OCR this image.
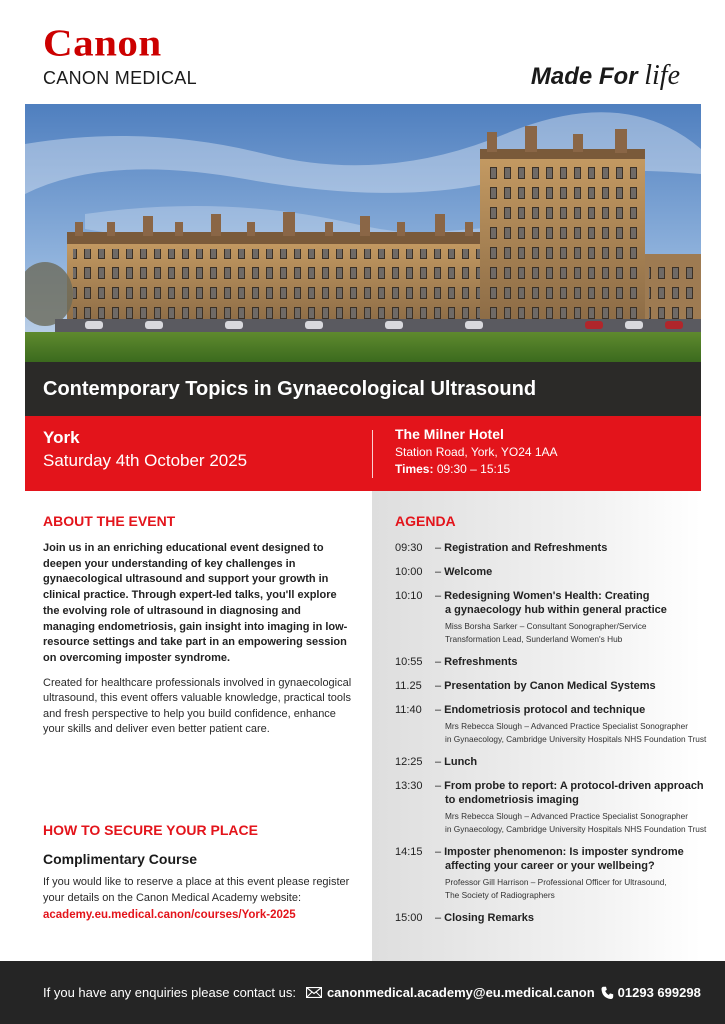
Canon
CANON MEDICAL	Made For life
Contemporary Topics in Gynaecological Ultrasound
York
Saturday 4th October 2025
The Milner Hotel
Station Road, York, YO24 1AA
Times: 09:30 – 15:15
ABOUT THE EVENT

Join us in an enriching educational event designed to deepen your understanding of key challenges in gynaecological ultrasound and support your growth in clinical practice. Through expert-led talks, you'll explore the evolving role of ultrasound in diagnosing and managing endometriosis, gain insight into imaging in low-resource settings and take part in an empowering session on overcoming imposter syndrome.

Created for healthcare professionals involved in gynaecological ultrasound, this event offers valuable knowledge, practical tools and fresh perspective to help you build confidence, enhance your skills and deliver even better patient care.

HOW TO SECURE YOUR PLACE
Complimentary Course

If you would like to reserve a place at this event please register your details on the Canon Medical Academy website:

academy.eu.medical.canon/courses/York-2025
AGENDA
09:30	– Registration and Refreshments
10:00	– Welcome
10:10	– Redesigning Women's Health: Creating
a gynaecology hub within general practice
Miss Borsha Sarker – Consultant Sonographer/Service
Transformation Lead, Sunderland Women's Hub
10:55	– Refreshments
11.25	– Presentation by Canon Medical Systems
11:40	– Endometriosis protocol and technique
Mrs Rebecca Slough – Advanced Practice Specialist Sonographer
in Gynaecology, Cambridge University Hospitals NHS Foundation Trust
12:25	– Lunch
13:30	– From probe to report: A protocol-driven approach
to endometriosis imaging
Mrs Rebecca Slough – Advanced Practice Specialist Sonographer
in Gynaecology, Cambridge University Hospitals NHS Foundation Trust
14:15	– Imposter phenomenon: Is imposter syndrome
affecting your career or your wellbeing?
Professor Gill Harrison – Professional Officer for Ultrasound,
The Society of Radiographers
15:00	– Closing Remarks
If you have any enquiries please contact us: canonmedical.academy@eu.medical.canon 01293 699298
